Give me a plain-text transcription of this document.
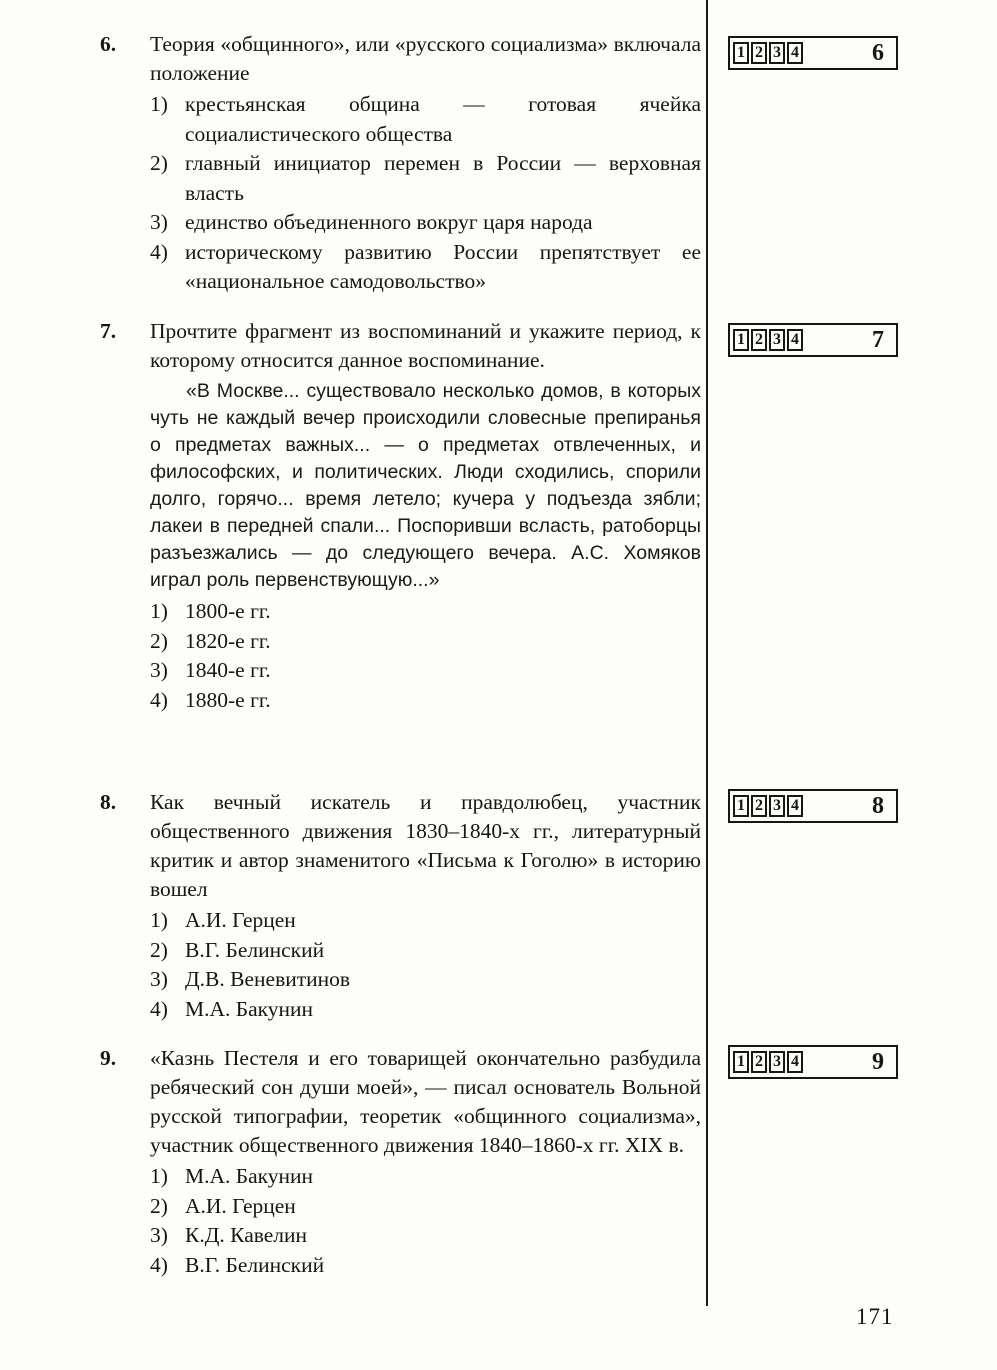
6.	Теория «общинного», или «русского социализма» включала положение

1) крестьянская община — готовая ячейка социалистического общества
2) главный инициатор перемен в России — верховная власть
3) единство объединенного вокруг царя народа
4) историческому развитию России препятствует ее «национальное самодовольство»
7.	Прочтите фрагмент из воспоминаний и укажите период, к которому относится данное воспоминание.

«В Москве... существовало несколько домов, в которых чуть не каждый вечер происходили словесные препиранья о предметах важных... — о предметах отвлеченных, и философских, и политических. Люди сходились, спорили долго, горячо... время летело; кучера у подъезда зябли; лакеи в передней спали... Поспоривши всласть, ратоборцы разъезжались — до следующего вечера. А.С. Хомяков играл роль первенствующую...»

1) 1800-е гг.
2) 1820-е гг.
3) 1840-е гг.
4) 1880-е гг.
8.	Как вечный искатель и правдолюбец, участник общественного движения 1830–1840-х гг., литературный критик и автор знаменитого «Письма к Гоголю» в историю вошел

1) А.И. Герцен
2) В.Г. Белинский
3) Д.В. Веневитинов
4) М.А. Бакунин
9.	«Казнь Пестеля и его товарищей окончательно разбудила ребяческий сон души моей», — писал основатель Вольной русской типографии, теоретик «общинного социализма», участник общественного движения 1840–1860-х гг. XIX в.

1) М.А. Бакунин
2) А.И. Герцен
3) К.Д. Кавелин
4) В.Г. Белинский
1 2 3 4	6
1 2 3 4	7
1 2 3 4	8
1 2 3 4	9
171
